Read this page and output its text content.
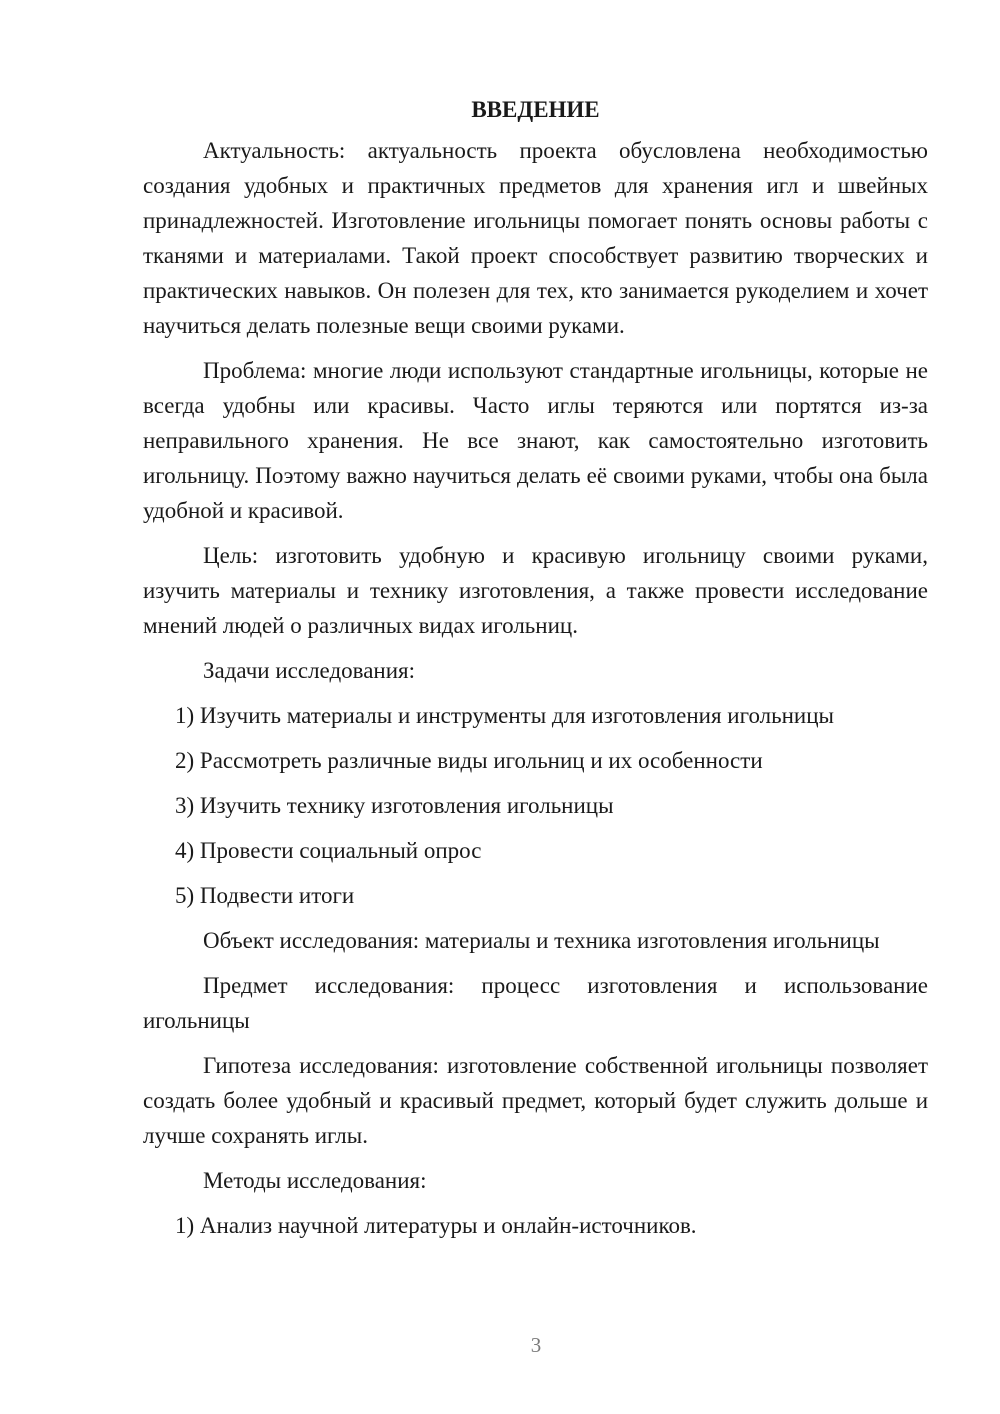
ВВЕДЕНИЕ

Актуальность: актуальность проекта обусловлена необходимостью создания удобных и практичных предметов для хранения игл и швейных принадлежностей. Изготовление игольницы помогает понять основы работы с тканями и материалами. Такой проект способствует развитию творческих и практических навыков. Он полезен для тех, кто занимается рукоделием и хочет научиться делать полезные вещи своими руками.

Проблема: многие люди используют стандартные игольницы, которые не всегда удобны или красивы. Часто иглы теряются или портятся из-за неправильного хранения. Не все знают, как самостоятельно изготовить игольницу. Поэтому важно научиться делать её своими руками, чтобы она была удобной и красивой.

Цель: изготовить удобную и красивую игольницу своими руками, изучить материалы и технику изготовления, а также провести исследование мнений людей о различных видах игольниц.

Задачи исследования:

1) Изучить материалы и инструменты для изготовления игольницы

2) Рассмотреть различные виды игольниц и их особенности

3) Изучить технику изготовления игольницы

4) Провести социальный опрос

5) Подвести итоги

Объект исследования: материалы и техника изготовления игольницы

Предмет исследования: процесс изготовления и использование игольницы

Гипотеза исследования: изготовление собственной игольницы позволяет создать более удобный и красивый предмет, который будет служить дольше и лучше сохранять иглы.

Методы исследования:

1) Анализ научной литературы и онлайн-источников.

3
